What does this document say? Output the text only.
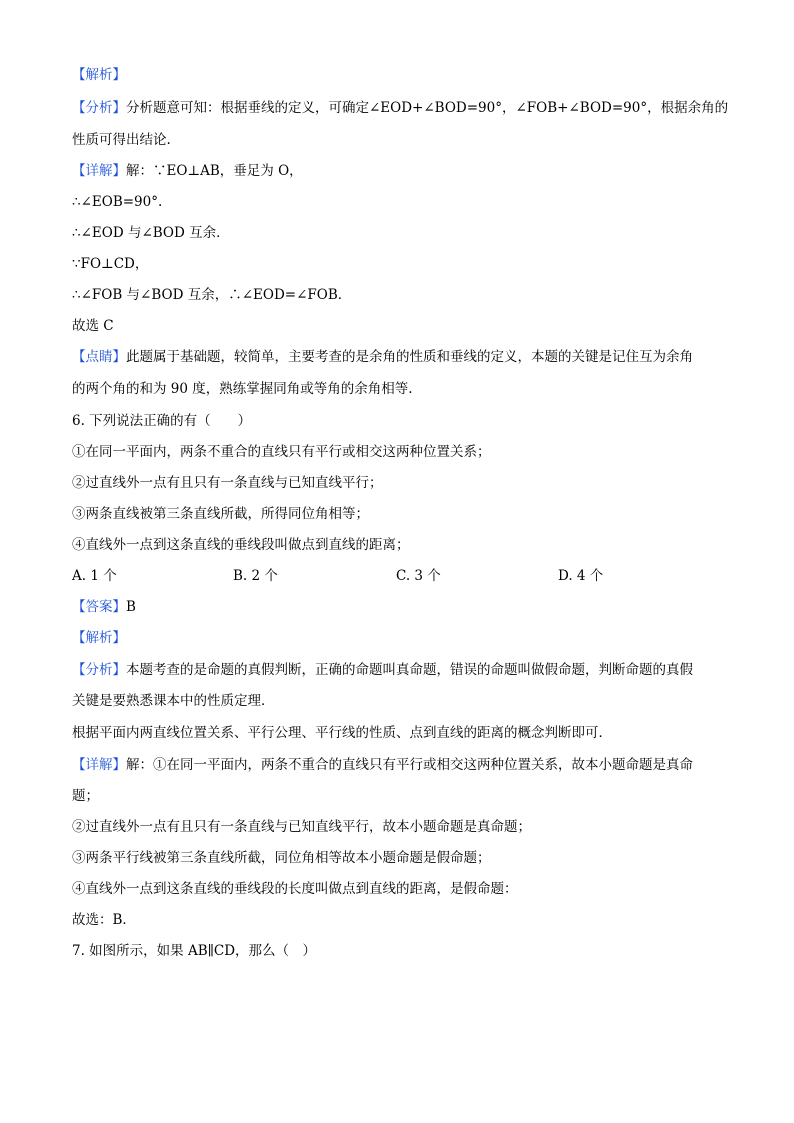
【解析】
【分析】分析题意可知：根据垂线的定义，可确定∠EOD+∠BOD=90°，∠FOB+∠BOD=90°，根据余角的
性质可得出结论.
【详解】解：∵EO⊥AB，垂足为 O，
∴∠EOB=90°.
∴∠EOD 与∠BOD 互余．
∵FO⊥CD，
∴∠FOB 与∠BOD 互余，∴∠EOD=∠FOB．
故选 C
【点睛】此题属于基础题，较简单，主要考查的是余角的性质和垂线的定义，本题的关键是记住互为余角
的两个角的和为 90 度，熟练掌握同角或等角的余角相等.
6. 下列说法正确的有（　　）
①在同一平面内，两条不重合的直线只有平行或相交这两种位置关系；
②过直线外一点有且只有一条直线与已知直线平行；
③两条直线被第三条直线所截，所得同位角相等；
④直线外一点到这条直线的垂线段叫做点到直线的距离；
A. 1 个	B. 2 个	C. 3 个	D. 4 个
【答案】B
【解析】
【分析】本题考查的是命题的真假判断，正确的命题叫真命题，错误的命题叫做假命题，判断命题的真假
关键是要熟悉课本中的性质定理．
根据平面内两直线位置关系、平行公理、平行线的性质、点到直线的距离的概念判断即可．
【详解】解：①在同一平面内，两条不重合的直线只有平行或相交这两种位置关系，故本小题命题是真命
题；
②过直线外一点有且只有一条直线与已知直线平行，故本小题命题是真命题；
③两条平行线被第三条直线所截，同位角相等故本小题命题是假命题；
④直线外一点到这条直线的垂线段的长度叫做点到直线的距离，是假命题：
故选：B．
7. 如图所示，如果 AB∥CD，那么（　）
